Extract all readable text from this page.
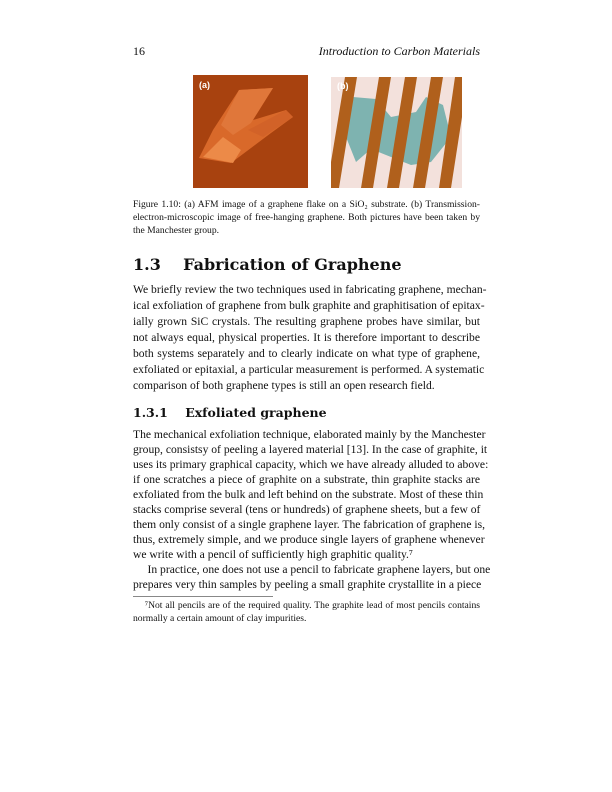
16	Introduction to Carbon Materials
(a)	(b)
Figure 1.10: (a) AFM image of a graphene flake on a SiO₂ substrate. (b) Transmission-
electron-microscopic image of free-hanging graphene. Both pictures have been taken by
the Manchester group.
1.3    Fabrication of Graphene
We briefly review the two techniques used in fabricating graphene, mechan-
ical exfoliation of graphene from bulk graphite and graphitisation of epitax-
ially grown SiC crystals. The resulting graphene probes have similar, but
not always equal, physical properties. It is therefore important to describe
both systems separately and to clearly indicate on what type of graphene,
exfoliated or epitaxial, a particular measurement is performed. A systematic
comparison of both graphene types is still an open research field.
1.3.1    Exfoliated graphene
The mechanical exfoliation technique, elaborated mainly by the Manchester
group, consistsy of peeling a layered material [13]. In the case of graphite, it
uses its primary graphical capacity, which we have already alluded to above:
if one scratches a piece of graphite on a substrate, thin graphite stacks are
exfoliated from the bulk and left behind on the substrate. Most of these thin
stacks comprise several (tens or hundreds) of graphene sheets, but a few of
them only consist of a single graphene layer. The fabrication of graphene is,
thus, extremely simple, and we produce single layers of graphene whenever
we write with a pencil of sufficiently high graphitic quality.⁷
In practice, one does not use a pencil to fabricate graphene layers, but one
prepares very thin samples by peeling a small graphite crystallite in a piece
⁷Not all pencils are of the required quality. The graphite lead of most pencils contains
normally a certain amount of clay impurities.
